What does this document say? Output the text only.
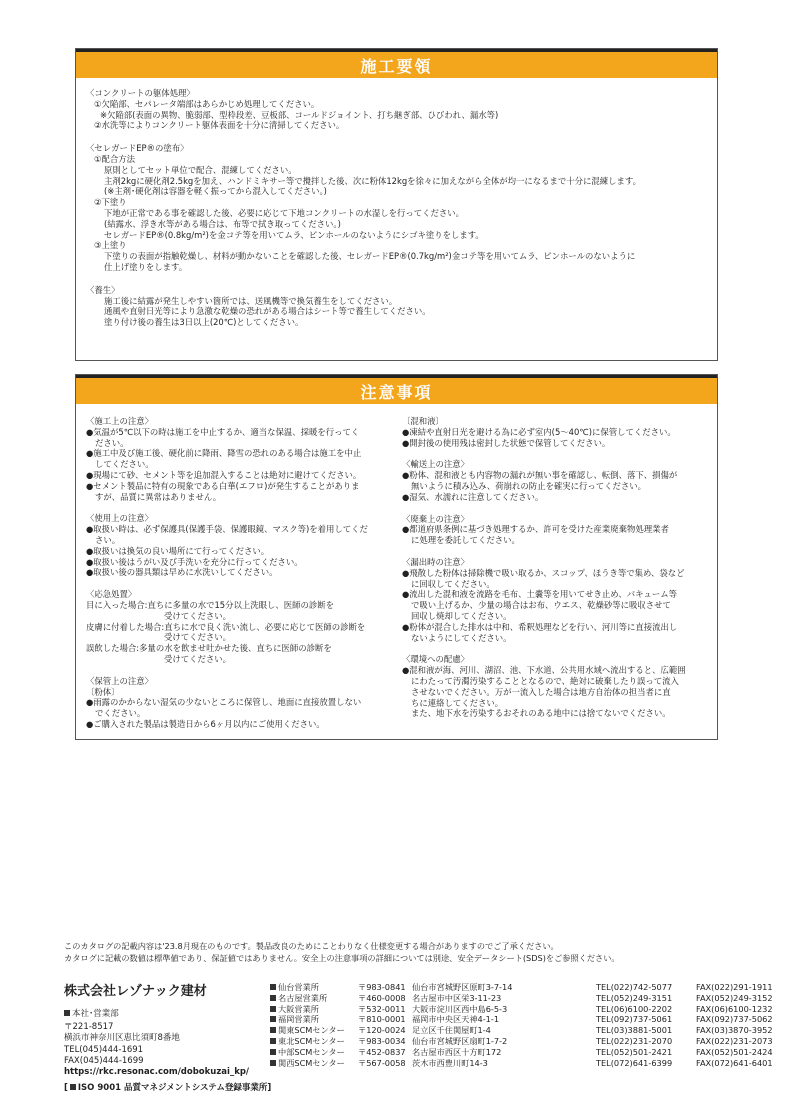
施工要領
〈コンクリートの躯体処理〉
①欠陥部、セパレータ端部はあらかじめ処理してください。
※欠陥部(表面の異物、脆弱部、型枠段差、豆板部、コールドジョイント、打ち継ぎ部、ひびわれ、漏水等)
②水洗等によりコンクリート躯体表面を十分に清掃してください。
〈セレガードEP®の塗布〉
①配合方法
原則としてセット単位で配合、混練してください。
主剤2kgに硬化剤2.5kgを加え、ハンドミキサー等で攪拌した後、次に粉体12kgを徐々に加えながら全体が均一になるまで十分に混練します。
(※主剤･硬化剤は容器を軽く振ってから混入してください。)
②下塗り
下地が正常である事を確認した後、必要に応じて下地コンクリートの水湿しを行ってください。
(結露水、浮き水等がある場合は、布等で拭き取ってください。)
セレガードEP®(0.8kg/m²)を金コテ等を用いてムラ、ピンホールのないようにシゴキ塗りをします。
③上塗り
下塗りの表面が指触乾燥し、材料が動かないことを確認した後、セレガードEP®(0.7kg/m²)金コテ等を用いてムラ、ピンホールのないように
仕上げ塗りをします。
〈養生〉
施工後に結露が発生しやすい箇所では、送風機等で換気養生をしてください。
通風や直射日光等により急激な乾燥の恐れがある場合はシート等で養生してください。
塗り付け後の養生は3日以上(20℃)としてください。
注意事項
〈施工上の注意〉
●気温が5℃以下の時は施工を中止するか、適当な保温、採暖を行ってく
ださい。
●施工中及び施工後、硬化前に降雨、降雪の恐れのある場合は施工を中止
してください。
●現場にて砂、セメント等を追加混入することは絶対に避けてください。
●セメント製品に特有の現象である白華(エフロ)が発生することがありま
すが、品質に異常はありません。
〈使用上の注意〉
●取扱い時は、必ず保護具(保護手袋、保護眼鏡、マスク等)を着用してくだ
さい。
●取扱いは換気の良い場所にて行ってください。
●取扱い後はうがい及び手洗いを充分に行ってください。
●取扱い後の器具類は早めに水洗いしてください。
〈応急処置〉
目に入った場合:直ちに多量の水で15分以上洗眼し、医師の診断を
受けてください。
皮膚に付着した場合:直ちに水で良く洗い流し、必要に応じて医師の診断を
受けてください。
誤飲した場合:多量の水を飲ませ吐かせた後、直ちに医師の診断を
受けてください。
〈保管上の注意〉
〔粉体〕
●雨露のかからない湿気の少ないところに保管し、地面に直接放置しない
でください。
●ご購入された製品は製造日から6ヶ月以内にご使用ください。
〔混和液〕
●凍結や直射日光を避ける為に必ず室内(5〜40℃)に保管してください。
●開封後の使用残は密封した状態で保管してください。
〈輸送上の注意〉
●粉体、混和液とも内容物の漏れが無い事を確認し、転倒、落下、損傷が
無いように積み込み、荷崩れの防止を確実に行ってください。
●湿気、水濡れに注意してください。
〈廃棄上の注意〉
●都道府県条例に基づき処理するか、許可を受けた産業廃棄物処理業者
に処理を委託してください。
〈漏出時の注意〉
●飛散した粉体は掃除機で吸い取るか、スコップ、ほうき等で集め、袋など
に回収してください。
●流出した混和液を流路を毛布、土嚢等を用いてせき止め、バキューム等
で吸い上げるか、少量の場合はお布、ウエス、乾燥砂等に吸収させて
回収し焼却してください。
●粉体が混合した排水は中和、希釈処理などを行い、河川等に直接流出し
ないようにしてください。
〈環境への配慮〉
●混和液が海、河川、湖沼、池、下水道、公共用水域へ流出すると、広範囲
にわたって汚濁汚染することとなるので、絶対に破棄したり誤って流入
させないでください。万が一流入した場合は地方自治体の担当者に直
ちに連絡してください。
また、地下水を汚染するおそれのある地中には捨てないでください。
このカタログの記載内容は'23.8月現在のものです。製品改良のためにことわりなく仕様変更する場合がありますのでご了承ください。
カタログに記載の数値は標準値であり、保証値ではありません。安全上の注意事項の詳細については別途、安全データシート(SDS)をご参照ください。
株式会社レゾナック建材
本社･営業部
〒221-8517
横浜市神奈川区恵比須町8番地
TEL(045)444-1691
FAX(045)444-1699
https://rkc.resonac.com/dobokuzai_kp/
[ ISO 9001 品質マネジメントシステム登録事業所]
仙台営業所	〒983-0841 仙台市宮城野区原町3-7-14	TEL(022)742-5077	FAX(022)291-1911
名古屋営業所	〒460-0008 名古屋市中区栄3-11-23	TEL(052)249-3151	FAX(052)249-3152
大阪営業所	〒532-0011 大阪市淀川区西中島6-5-3	TEL(06)6100-2202	FAX(06)6100-1232
福岡営業所	〒810-0001 福岡市中央区天神4-1-1	TEL(092)737-5061	FAX(092)737-5062
関東SCMセンター	〒120-0024 足立区千住関屋町1-4	TEL(03)3881-5001	FAX(03)3870-3952
東北SCMセンター	〒983-0034 仙台市宮城野区扇町1-7-2	TEL(022)231-2070	FAX(022)231-2073
中部SCMセンター	〒452-0837 名古屋市西区十方町172	TEL(052)501-2421	FAX(052)501-2424
関西SCMセンター	〒567-0058 茨木市西豊川町14-3	TEL(072)641-6399	FAX(072)641-6401
